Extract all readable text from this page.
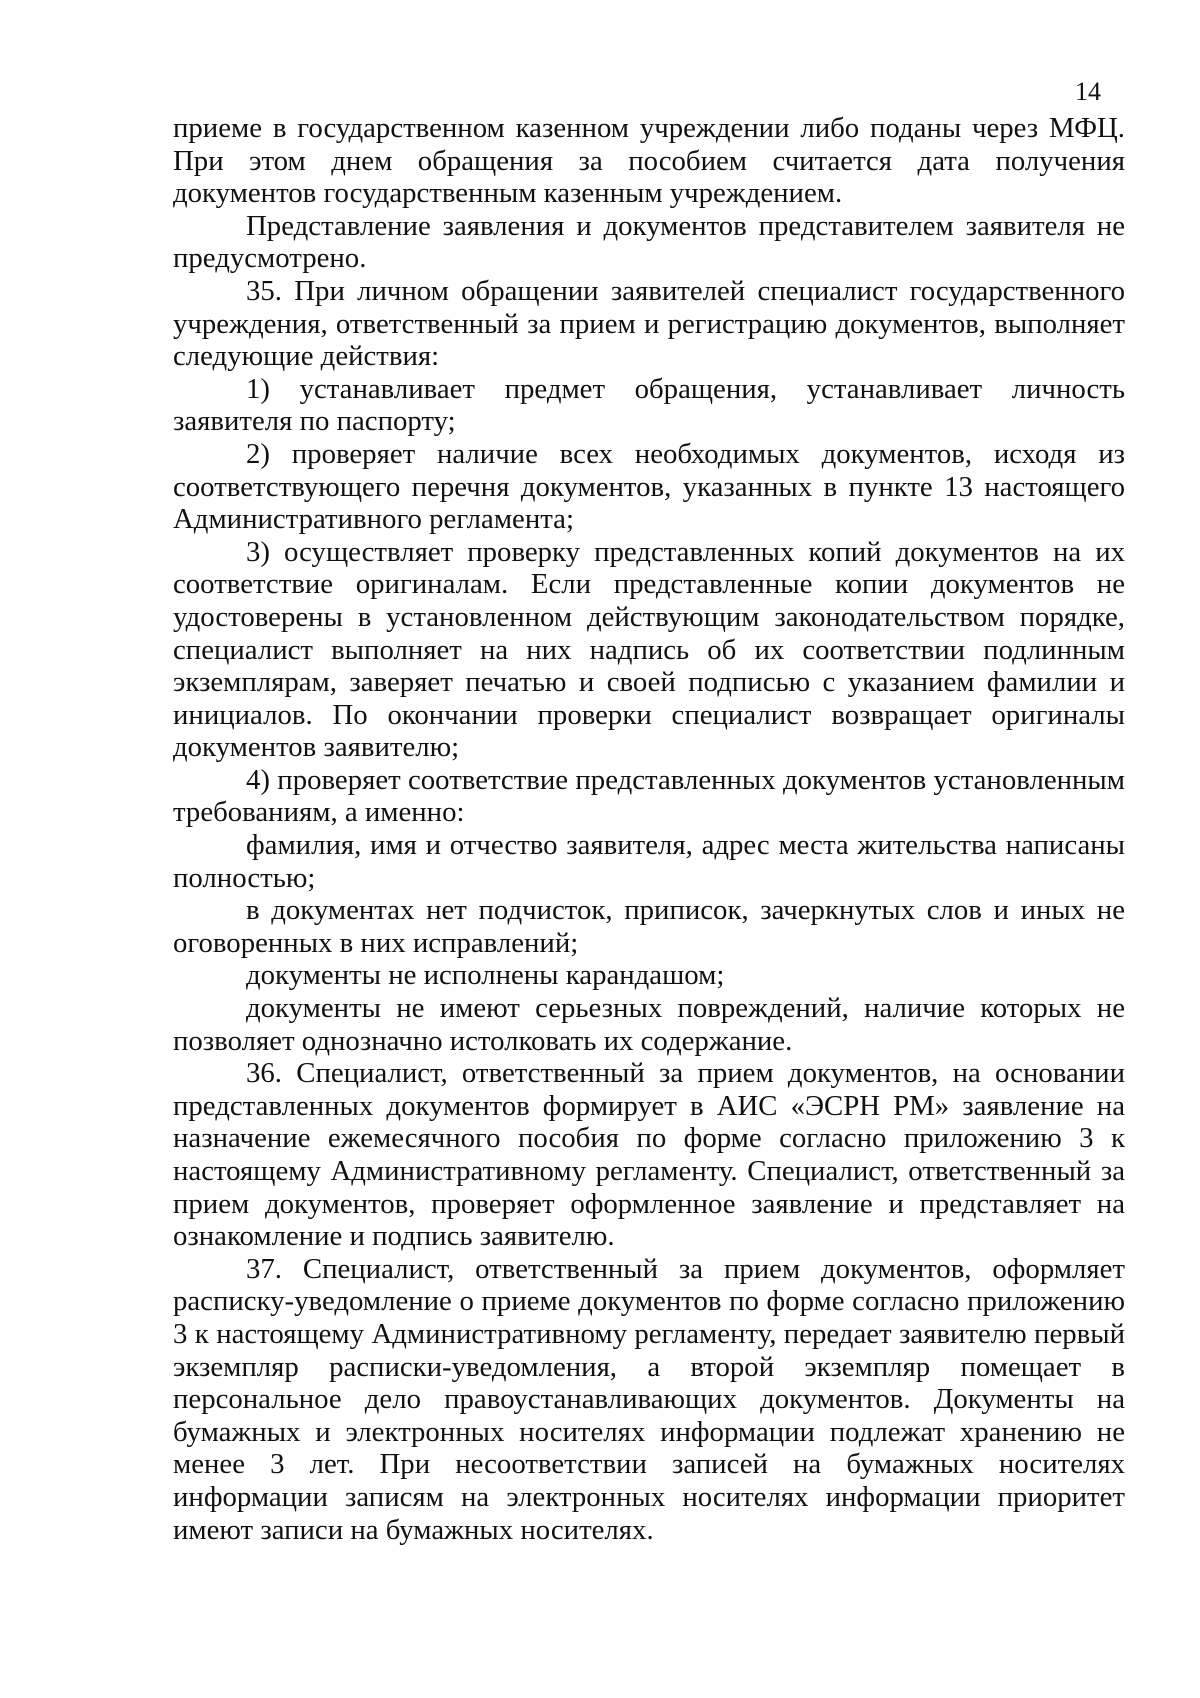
14

приеме в государственном казенном учреждении либо поданы через МФЦ. При этом днем обращения за пособием считается дата получения документов государственным казенным учреждением.

Представление заявления и документов представителем заявителя не предусмотрено.

35. При личном обращении заявителей специалист государственного учреждения, ответственный за прием и регистрацию документов, выполняет следующие действия:

1) устанавливает предмет обращения, устанавливает личность заявителя по паспорту;

2) проверяет наличие всех необходимых документов, исходя из соответствующего перечня документов, указанных в пункте 13 настоящего Административного регламента;

3) осуществляет проверку представленных копий документов на их соответствие оригиналам. Если представленные копии документов не удостоверены в установленном действующим законодательством порядке, специалист выполняет на них надпись об их соответствии подлинным экземплярам, заверяет печатью и своей подписью с указанием фамилии и инициалов. По окончании проверки специалист возвращает оригиналы документов заявителю;

4) проверяет соответствие представленных документов установленным требованиям, а именно:

фамилия, имя и отчество заявителя, адрес места жительства написаны полностью;

в документах нет подчисток, приписок, зачеркнутых слов и иных не оговоренных в них исправлений;

документы не исполнены карандашом;

документы не имеют серьезных повреждений, наличие которых не позволяет однозначно истолковать их содержание.

36. Специалист, ответственный за прием документов, на основании представленных документов формирует в АИС «ЭСРН РМ» заявление на назначение ежемесячного пособия по форме согласно приложению 3 к настоящему Административному регламенту. Специалист, ответственный за прием документов, проверяет оформленное заявление и представляет на ознакомление и подпись заявителю.

37. Специалист, ответственный за прием документов, оформляет расписку-уведомление о приеме документов по форме согласно приложению 3 к настоящему Административному регламенту, передает заявителю первый экземпляр расписки-уведомления, а второй экземпляр помещает в персональное дело правоустанавливающих документов. Документы на бумажных и электронных носителях информации подлежат хранению не менее 3 лет. При несоответствии записей на бумажных носителях информации записям на электронных носителях информации приоритет имеют записи на бумажных носителях.
